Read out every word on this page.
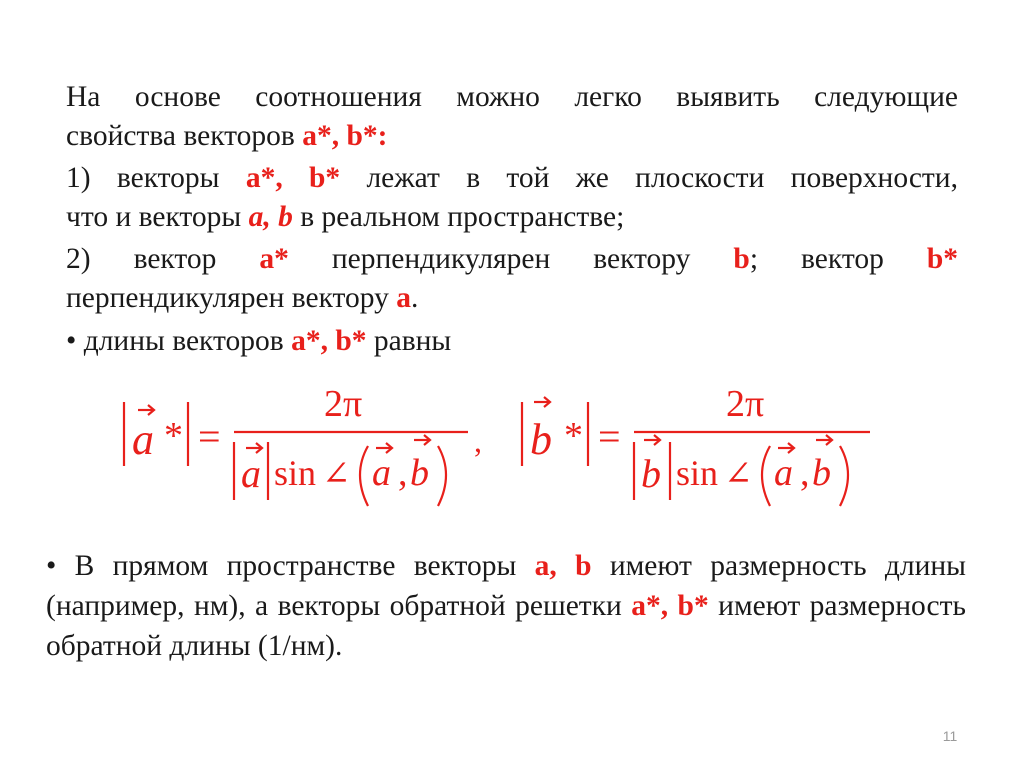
На основе соотношения можно легко выявить следующие
свойства векторов a*, b*:
1) векторы a*, b* лежат в той же плоскости поверхности,
что и векторы a, b в реальном пространстве;
2) вектор a* перпендикулярен вектору b; вектор b*
перпендикулярен вектору a.
• длины векторов a*, b* равны
a * =
2π
a sin ∠ a , b
, b * =
2π
b sin ∠ a , b
• В прямом пространстве векторы a, b имеют размерность длины (например, нм), а векторы обратной решетки a*, b* имеют размерность обратной длины (1/нм).
11
